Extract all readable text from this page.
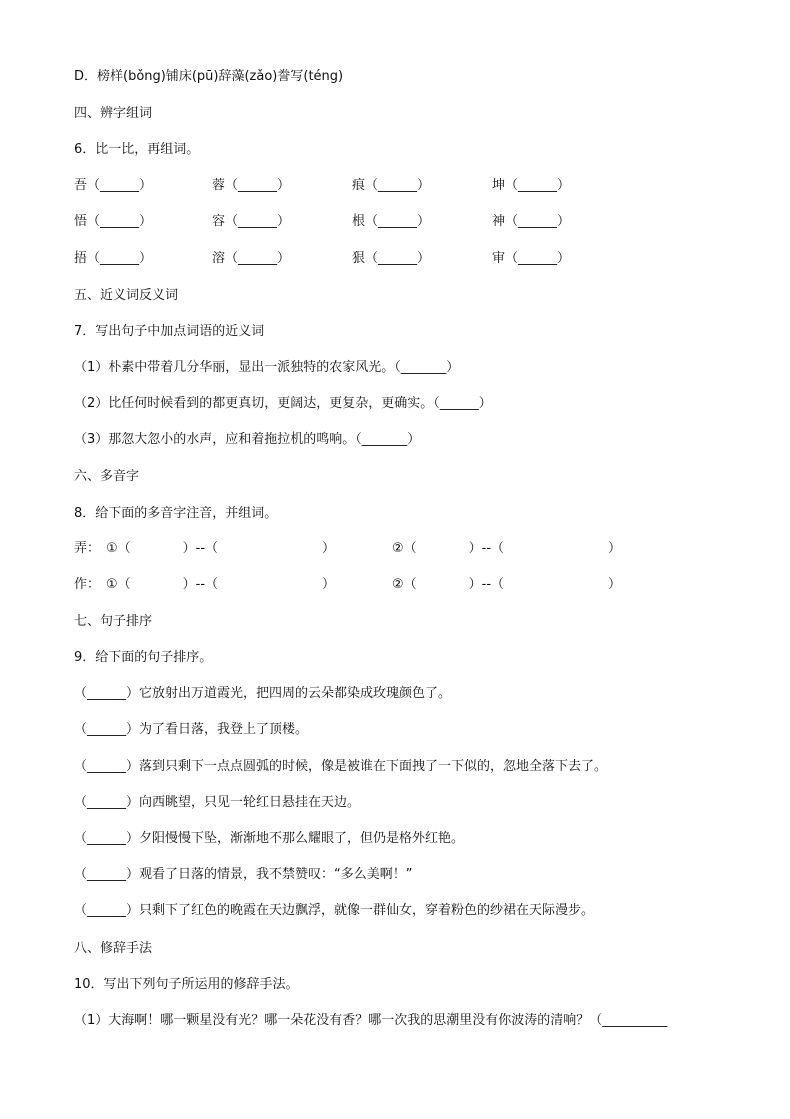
D．榜样(bǒng)铺床(pū)辞藻(zǎo)誊写(téng)
四、辨字组词
6．比一比，再组词。
吾（______）	蓉（______）	痕（______）	坤（______）
悟（______）	容（______）	根（______）	神（______）
捂（______）	溶（______）	狠（______）	审（______）
五、近义词反义词
7．写出句子中加点词语的近义词
（1）朴素中带着几分华丽，显出一派独特的农家风光。（_______）
（2）比任何时候看到的都更真切，更阔达，更复杂，更确实。（______）
（3）那忽大忽小的水声，应和着拖拉机的鸣响。（_______）
六、多音字
8．给下面的多音字注音，并组词。
弄： ①（　　　　）--（　　　　　　　　）	②（　　　　）--（　　　　　　　　）
作： ①（　　　　）--（　　　　　　　　）	②（　　　　）--（　　　　　　　　）
七、句子排序
9．给下面的句子排序。
（______）它放射出万道霞光，把四周的云朵都染成玫瑰颜色了。
（______）为了看日落，我登上了顶楼。
（______）落到只剩下一点点圆弧的时候，像是被谁在下面拽了一下似的，忽地全落下去了。
（______）向西眺望，只见一轮红日悬挂在天边。
（______）夕阳慢慢下坠，渐渐地不那么耀眼了，但仍是格外红艳。
（______）观看了日落的情景，我不禁赞叹：“多么美啊！”
（______）只剩下了红色的晚霞在天边飘浮，就像一群仙女，穿着粉色的纱裙在天际漫步。
八、修辞手法
10．写出下列句子所运用的修辞手法。
（1）大海啊！哪一颗星没有光？哪一朵花没有香？哪一次我的思潮里没有你波涛的清响？（__________
